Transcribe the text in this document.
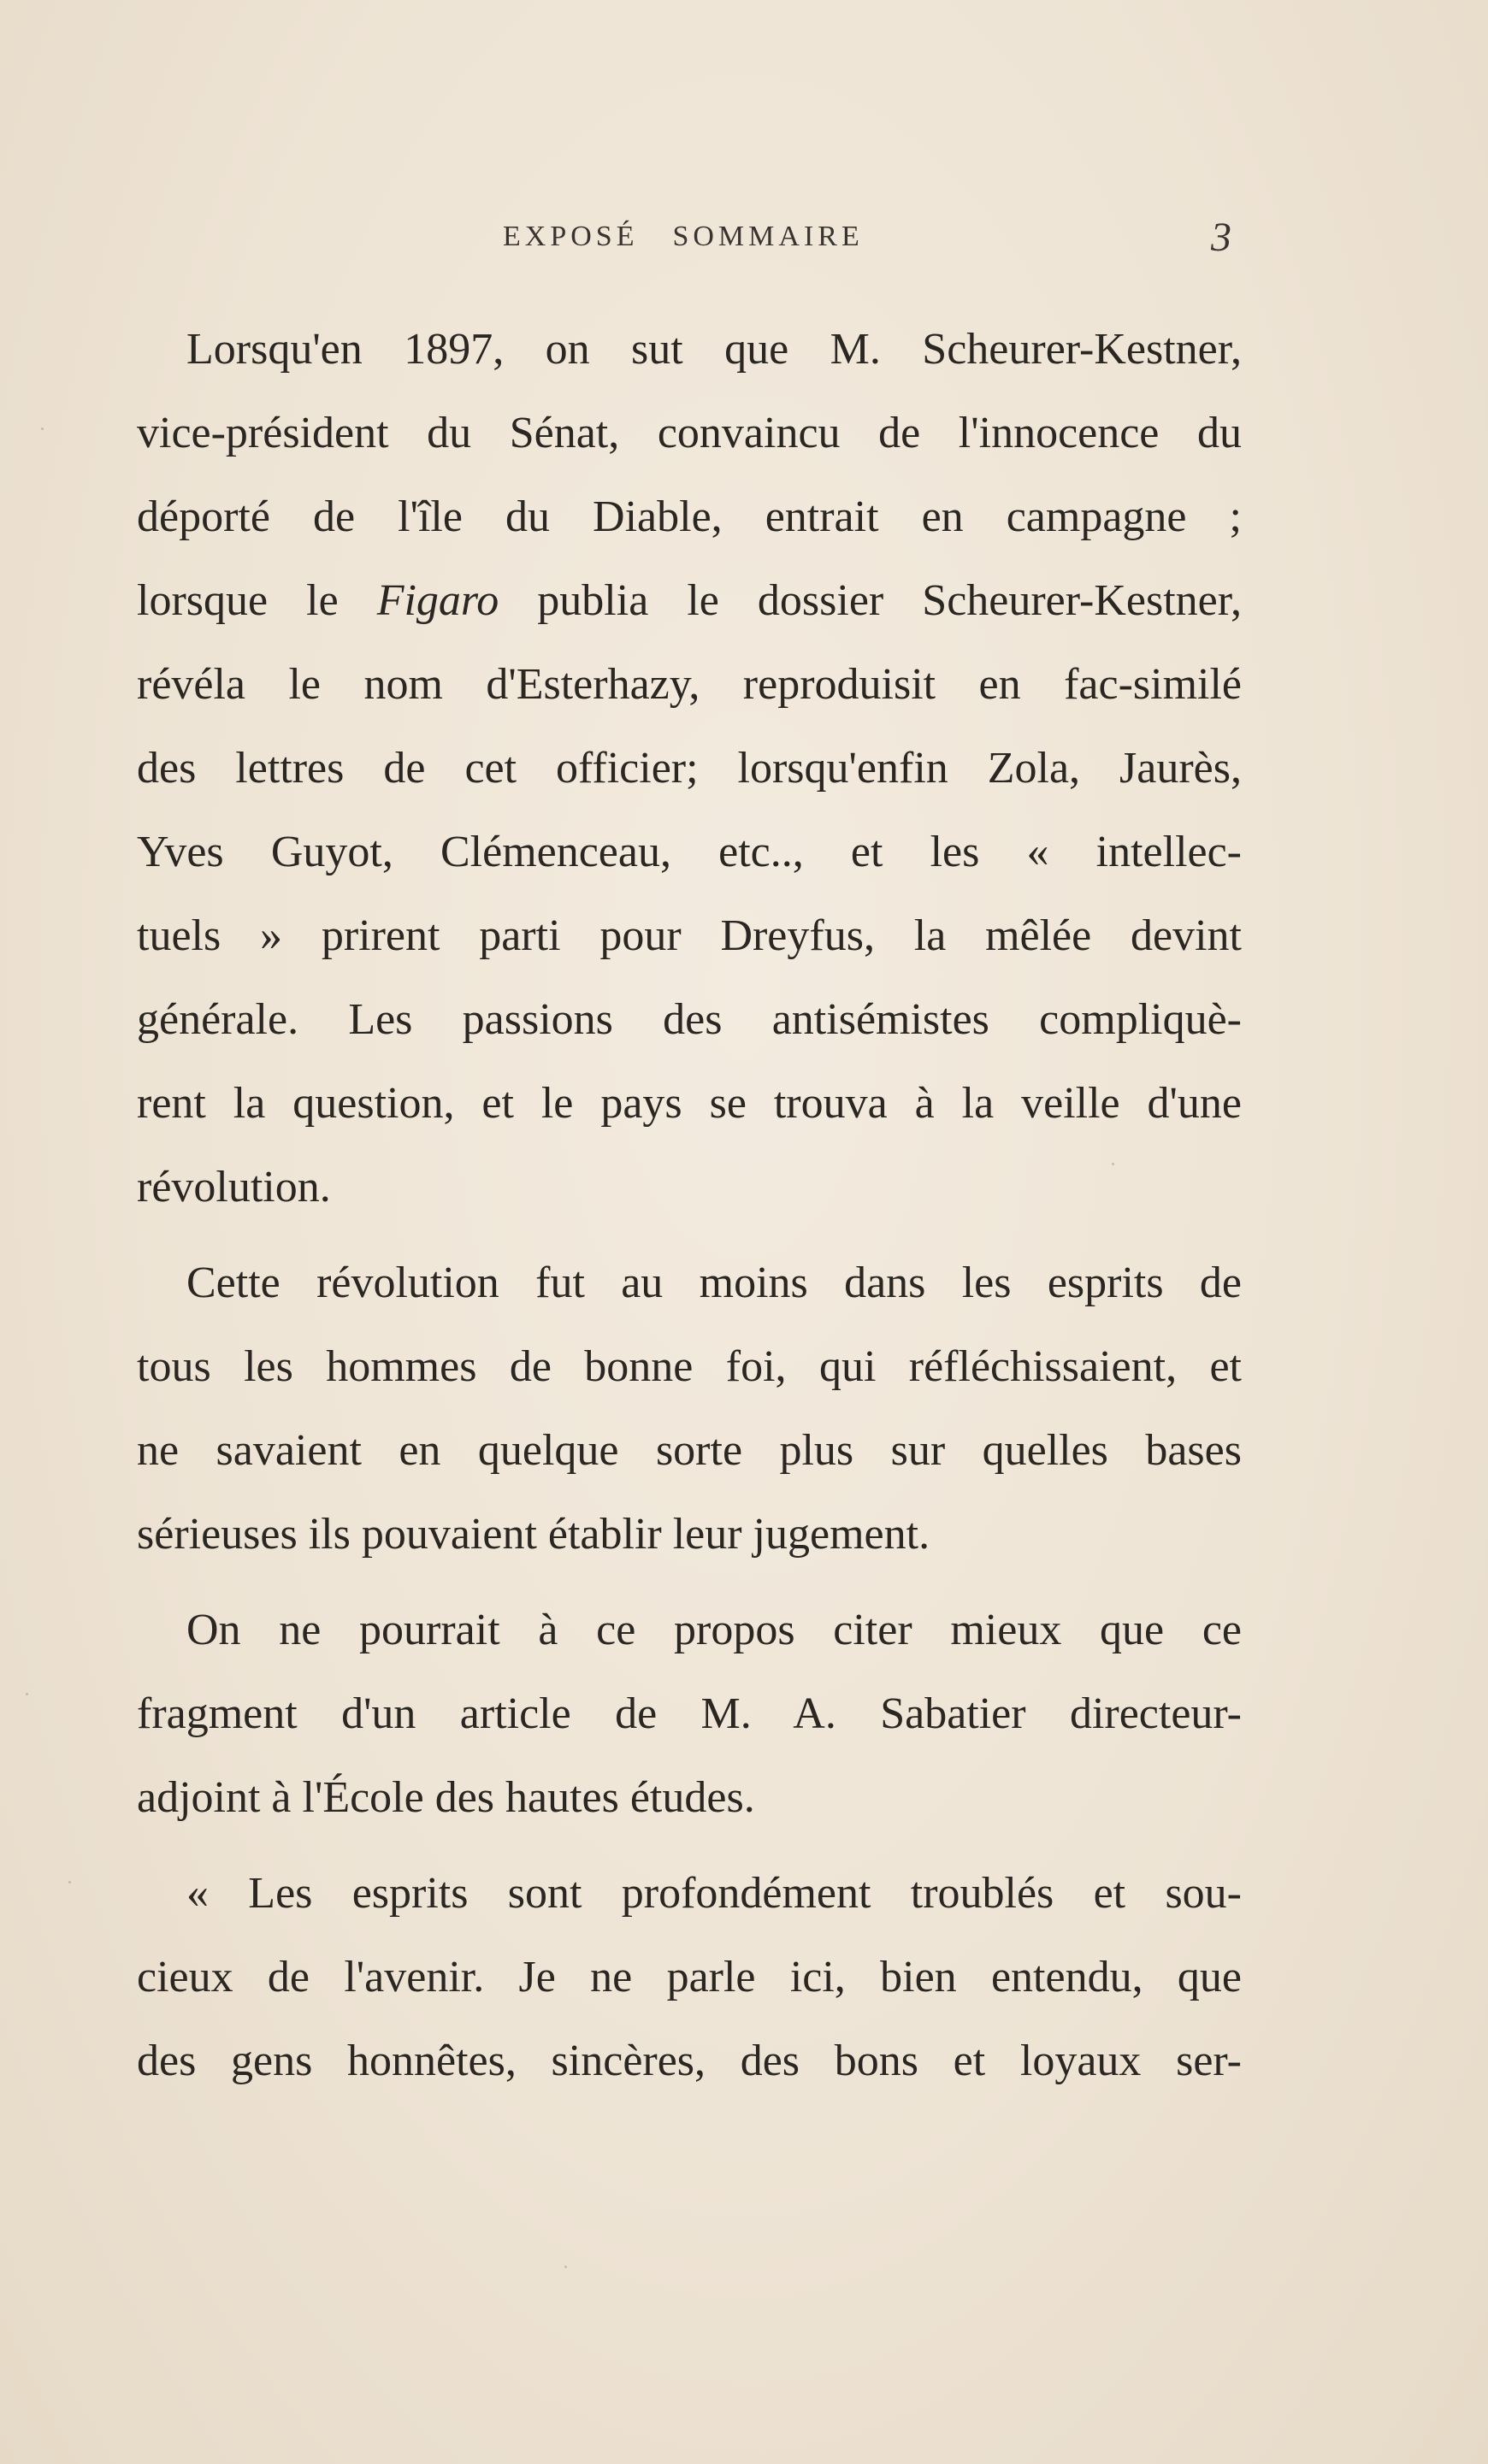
EXPOSÉ SOMMAIRE	3
Lorsqu'en 1897, on sut que M. Scheurer-Kestner,
vice-président du Sénat, convaincu de l'innocence du
déporté de l'île du Diable, entrait en campagne ;
lorsque le Figaro publia le dossier Scheurer-Kestner,
révéla le nom d'Esterhazy, reproduisit en fac-similé
des lettres de cet officier; lorsqu'enfin Zola, Jaurès,
Yves Guyot, Clémenceau, etc.., et les « intellec-
tuels » prirent parti pour Dreyfus, la mêlée devint
générale. Les passions des antisémistes compliquè-
rent la question, et le pays se trouva à la veille d'une
révolution.
Cette révolution fut au moins dans les esprits de
tous les hommes de bonne foi, qui réfléchissaient, et
ne savaient en quelque sorte plus sur quelles bases
sérieuses ils pouvaient établir leur jugement.
On ne pourrait à ce propos citer mieux que ce
fragment d'un article de M. A. Sabatier directeur-
adjoint à l'École des hautes études.
« Les esprits sont profondément troublés et sou-
cieux de l'avenir. Je ne parle ici, bien entendu, que
des gens honnêtes, sincères, des bons et loyaux ser-
